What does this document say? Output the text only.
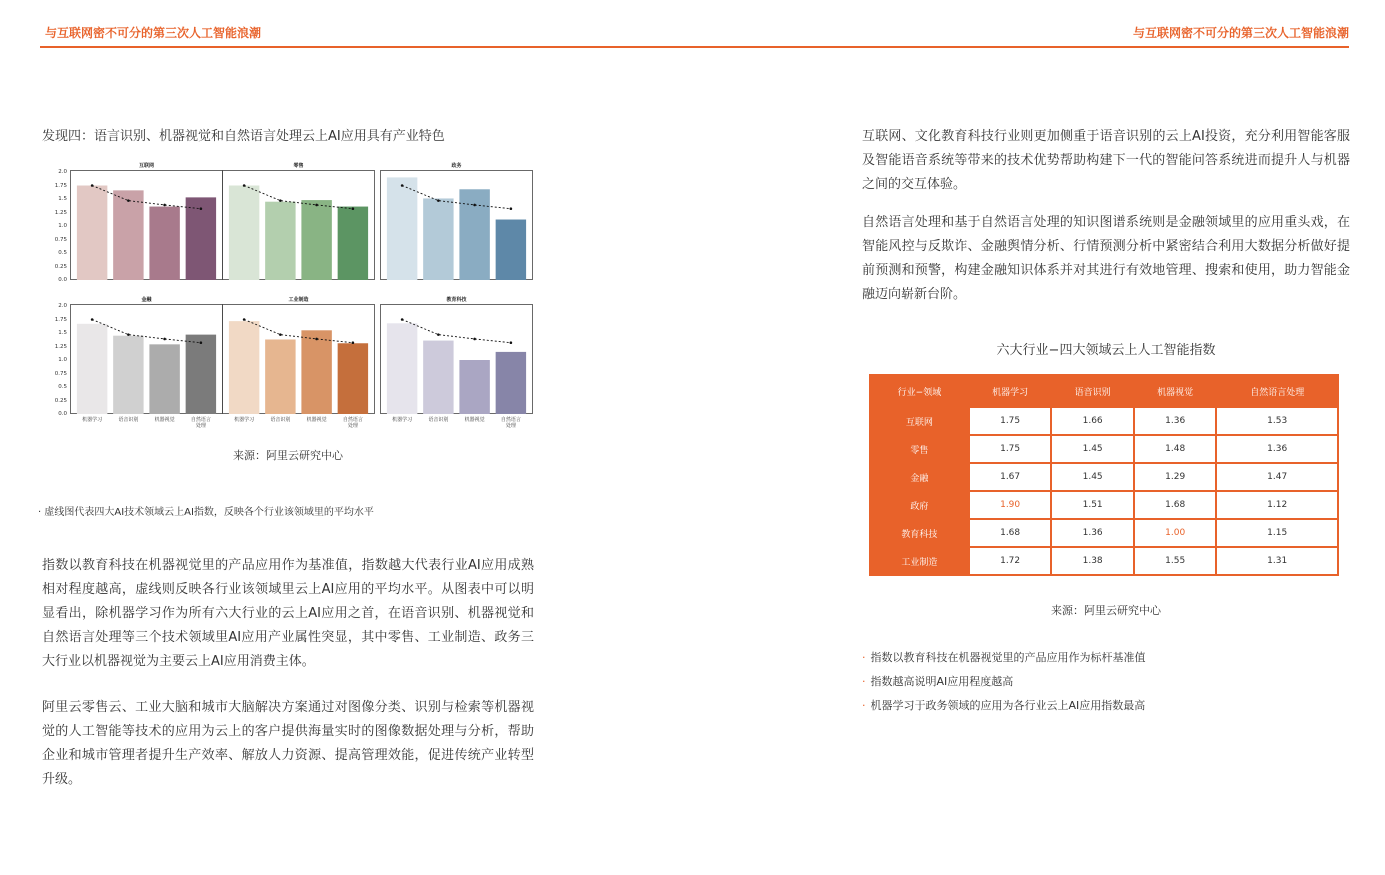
与互联网密不可分的第三次人工智能浪潮	与互联网密不可分的第三次人工智能浪潮
发现四：语言识别、机器视觉和自然语言处理云上AI应用具有产业特色
互联网
0.0
0.25
0.5
0.75
1.0
1.25
1.5
1.75
2.0
零售	政务
金融
机器学习	语音识别	机器视觉	自然语言
处理
0.0
0.25
0.5
0.75
1.0
1.25
1.5
1.75
2.0
工业制造
机器学习	语音识别	机器视觉	自然语言
处理
教育科技
机器学习	语音识别	机器视觉	自然语言
处理
来源：阿里云研究中心
· 虚线图代表四大AI技术领域云上AI指数，反映各个行业该领域里的平均水平

指数以教育科技在机器视觉里的产品应用作为基准值，指数越大代表行业AI应用成熟相对程度越高，虚线则反映各行业该领域里云上AI应用的平均水平。从图表中可以明显看出，除机器学习作为所有六大行业的云上AI应用之首，在语音识别、机器视觉和自然语言处理等三个技术领域里AI应用产业属性突显，其中零售、工业制造、政务三大行业以机器视觉为主要云上AI应用消费主体。

阿里云零售云、工业大脑和城市大脑解决方案通过对图像分类、识别与检索等机器视觉的人工智能等技术的应用为云上的客户提供海量实时的图像数据处理与分析，帮助企业和城市管理者提升生产效率、解放人力资源、提高管理效能，促进传统产业转型升级。

互联网、文化教育科技行业则更加侧重于语音识别的云上AI投资，充分利用智能客服及智能语音系统等带来的技术优势帮助构建下一代的智能问答系统进而提升人与机器之间的交互体验。

自然语言处理和基于自然语言处理的知识图谱系统则是金融领域里的应用重头戏，在智能风控与反欺诈、金融舆情分析、行情预测分析中紧密结合利用大数据分析做好提前预测和预警，构建金融知识体系并对其进行有效地管理、搜索和使用，助力智能金融迈向崭新台阶。

六大行业−四大领域云上人工智能指数
行业−领域	机器学习	语音识别	机器视觉	自然语言处理
互联网	1.75	1.66	1.36	1.53
零售	1.75	1.45	1.48	1.36
金融	1.67	1.45	1.29	1.47
政府	1.90	1.51	1.68	1.12
教育科技	1.68	1.36	1.00	1.15
工业制造	1.72	1.38	1.55	1.31
来源：阿里云研究中心
· 指数以教育科技在机器视觉里的产品应用作为标杆基准值
· 指数越高说明AI应用程度越高
· 机器学习于政务领域的应用为各行业云上AI应用指数最高
